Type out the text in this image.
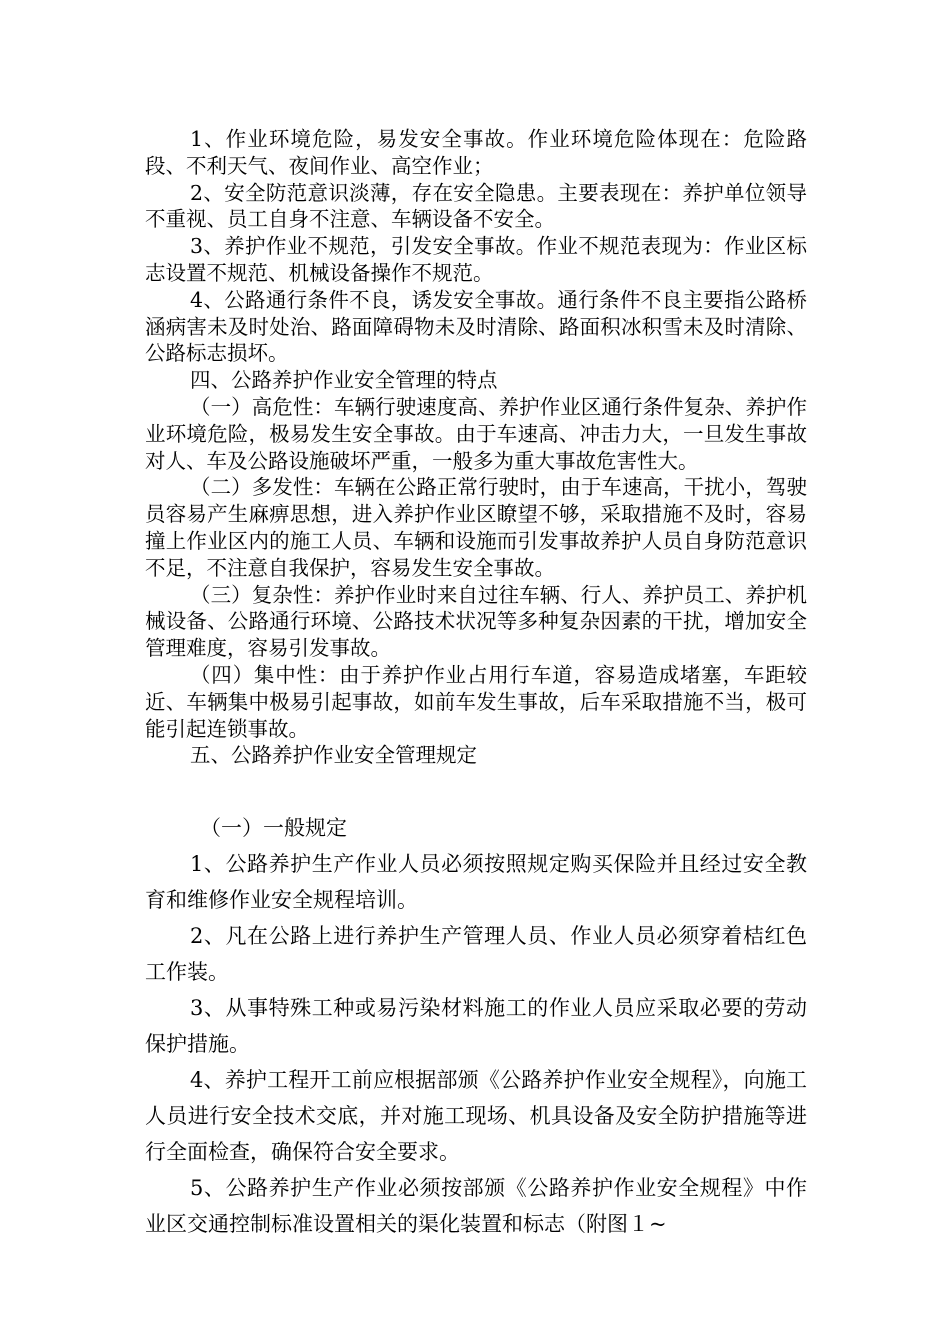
1、作业环境危险，易发安全事故。作业环境危险体现在：危险路段、不利天气、夜间作业、高空作业；

2、安全防范意识淡薄，存在安全隐患。主要表现在：养护单位领导不重视、员工自身不注意、车辆设备不安全。

3、养护作业不规范，引发安全事故。作业不规范表现为：作业区标志设置不规范、机械设备操作不规范。

4、公路通行条件不良，诱发安全事故。通行条件不良主要指公路桥涵病害未及时处治、路面障碍物未及时清除、路面积冰积雪未及时清除、公路标志损坏。

四、公路养护作业安全管理的特点

（一）高危性：车辆行驶速度高、养护作业区通行条件复杂、养护作业环境危险，极易发生安全事故。由于车速高、冲击力大，一旦发生事故对人、车及公路设施破坏严重，一般多为重大事故危害性大。

（二）多发性：车辆在公路正常行驶时，由于车速高，干扰小，驾驶员容易产生麻痹思想，进入养护作业区瞭望不够，采取措施不及时，容易撞上作业区内的施工人员、车辆和设施而引发事故养护人员自身防范意识不足，不注意自我保护，容易发生安全事故。

（三）复杂性：养护作业时来自过往车辆、行人、养护员工、养护机械设备、公路通行环境、公路技术状况等多种复杂因素的干扰，增加安全管理难度，容易引发事故。

（四）集中性：由于养护作业占用行车道，容易造成堵塞，车距较近、车辆集中极易引起事故，如前车发生事故，后车采取措施不当，极可能引起连锁事故。

五、公路养护作业安全管理规定

（一）一般规定

1、公路养护生产作业人员必须按照规定购买保险并且经过安全教育和维修作业安全规程培训。

2、凡在公路上进行养护生产管理人员、作业人员必须穿着桔红色工作装。

3、从事特殊工种或易污染材料施工的作业人员应采取必要的劳动保护措施。

4、养护工程开工前应根据部颁《公路养护作业安全规程》，向施工人员进行安全技术交底，并对施工现场、机具设备及安全防护措施等进行全面检查，确保符合安全要求。

5、公路养护生产作业必须按部颁《公路养护作业安全规程》中作业区交通控制标准设置相关的渠化装置和标志（附图１~
